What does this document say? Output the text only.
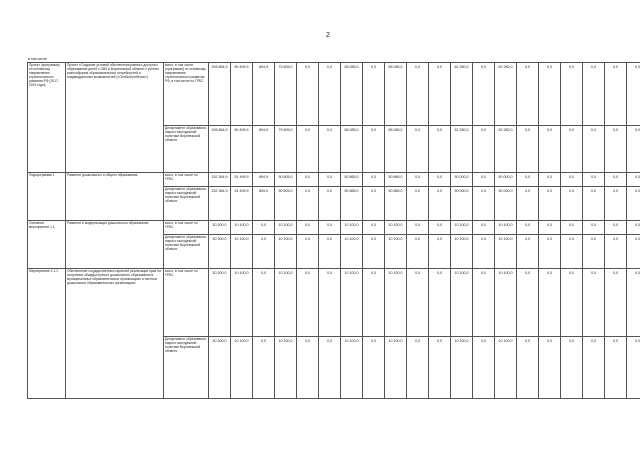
2
в том числе
Проект (программа) по основному направлению стратегического развития РФ (2017-2019 годы)	Проект «Создание условий обеспечения равного доступа к образованию детей с ОВЗ в Воронежской области с учетом разнообразия образовательных потребностей и индивидуальных возможностей («Особый ребенок»)	всего, в том числе (программа) по основному направлению стратегического развития РФ, в том числе по ГРБС	205 864,9	80 499,9	894,9	79 605,0	0,0	0,0	65 085,0	0,0	65 085,0	0,0	0,0	62 280,0	0,0	62 280,0	0,0	0,0	0,0	0,0	0,0	0,0
		Департамент образования, науки и молодежной политики Воронежской области	205 864,9	80 499,9	894,9	79 605,0	0,0	0,0	65 085,0	0,0	65 085,0	0,0	0,0	62 280,0	0,0	62 280,0	0,0	0,0	0,0	0,0	0,0	0,0
Подпрограмма 1	Развитие дошкольного и общего образования	всего, в том числе по ГРБС	152 364,9	51 499,9	894,9	50 605,0	0,0	0,0	50 865,0	0,0	50 865,0	0,0	0,0	50 000,0	0,0	50 000,0	0,0	0,0	0,0	0,0	0,0	0,0
		Департамент образования, науки и молодежной политики Воронежской области	152 364,9	51 499,9	894,9	50 605,0	0,0	0,0	50 865,0	0,0	50 865,0	0,0	0,0	50 000,0	0,0	50 000,0	0,0	0,0	0,0	0,0	0,0	0,0
Основное мероприятие 1.1	Развитие и модернизация дошкольного образования	всего, в том числе по ГРБС	30 300,0	10 100,0	0,0	10 100,0	0,0	0,0	10 100,0	0,0	10 100,0	0,0	0,0	10 100,0	0,0	10 100,0	0,0	0,0	0,0	0,0	0,0	0,0
		Департамент образования, науки и молодежной политики Воронежской области	30 300,0	10 100,0	0,0	10 100,0	0,0	0,0	10 100,0	0,0	10 100,0	0,0	0,0	10 100,0	0,0	10 100,0	0,0	0,0	0,0	0,0	0,0	0,0
Мероприятие 1.1.1	Обеспечение государственных гарантий реализации прав на получение общедоступного дошкольного образования в муниципальных образовательных организациях и частных дошкольных образовательных организациях	всего, в том числе по ГРБС	30 300,0	10 100,0	0,0	10 100,0	0,0	0,0	10 100,0	0,0	10 100,0	0,0	0,0	10 100,0	0,0	10 100,0	0,0	0,0	0,0	0,0	0,0	0,0
		Департамент образования, науки и молодежной политики Воронежской области	30 300,0	10 100,0	0,0	10 100,0	0,0	0,0	10 100,0	0,0	10 100,0	0,0	0,0	10 100,0	0,0	10 100,0	0,0	0,0	0,0	0,0	0,0	0,0
